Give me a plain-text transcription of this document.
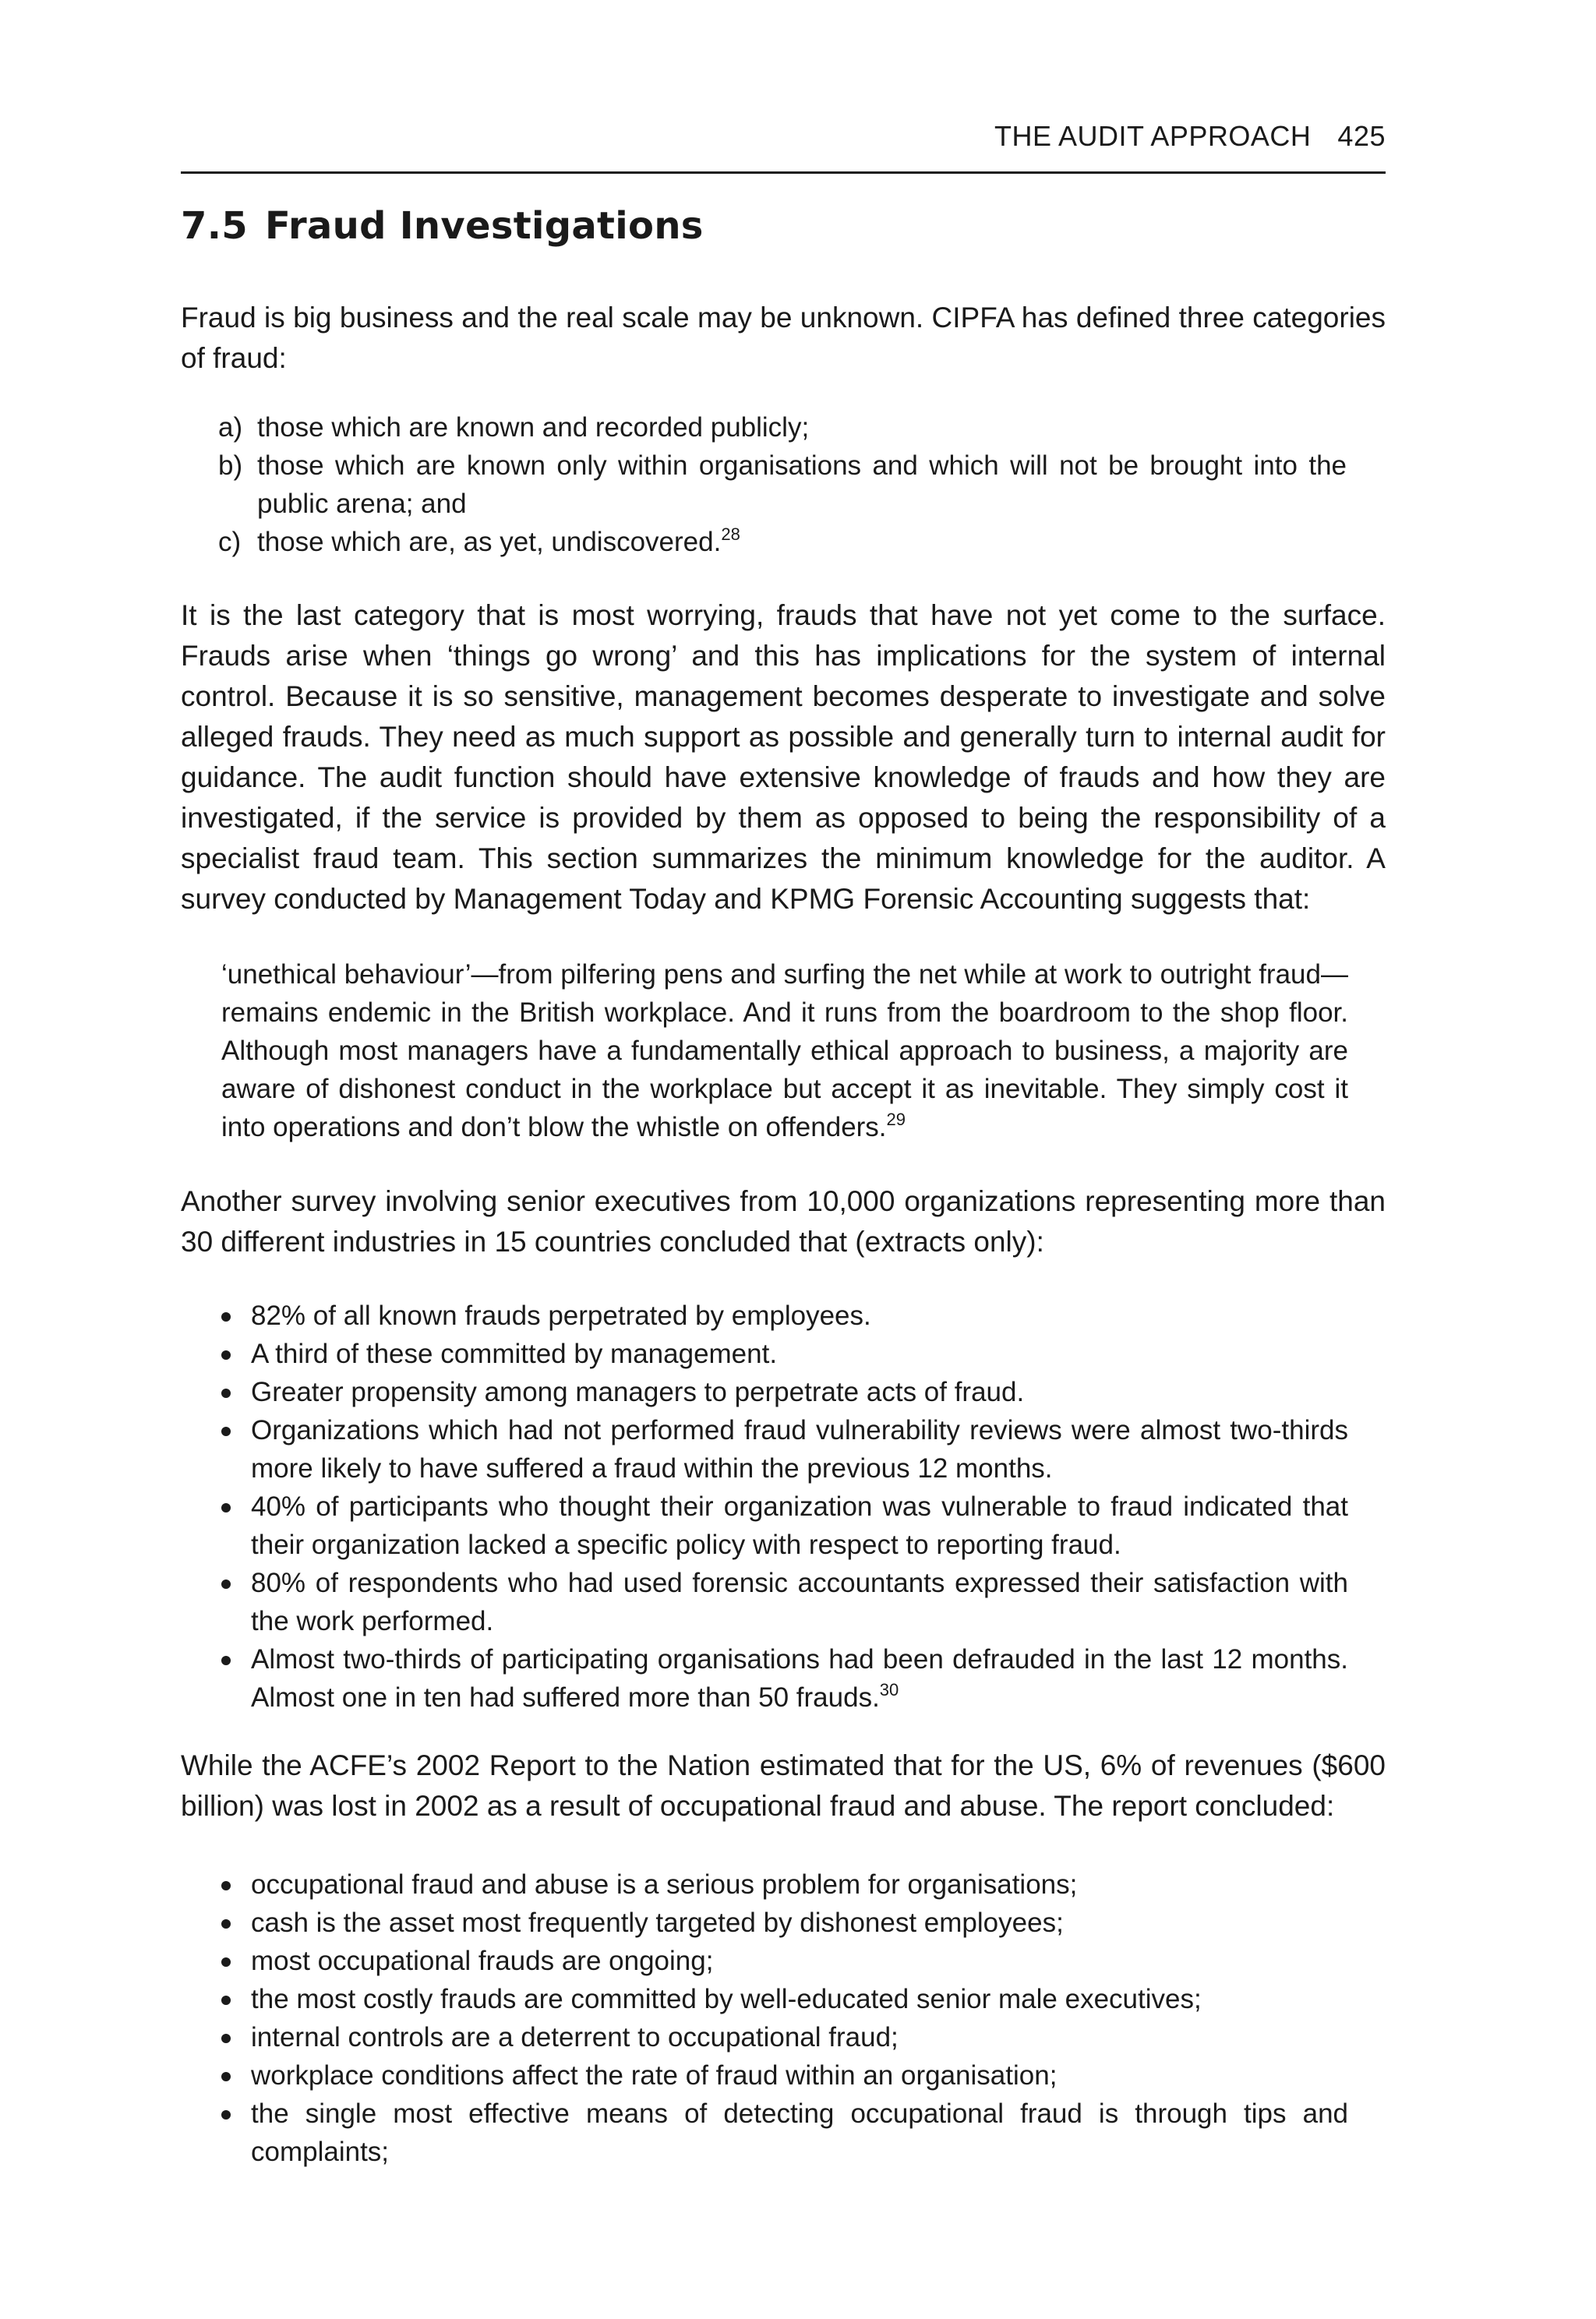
THE AUDIT APPROACH 425
7.5 Fraud Investigations

Fraud is big business and the real scale may be unknown. CIPFA has defined three categories of fraud:

a) those which are known and recorded publicly;
b) those which are known only within organisations and which will not be brought into the public arena; and
c) those which are, as yet, undiscovered.$^{28}$

It is the last category that is most worrying, frauds that have not yet come to the surface. Frauds arise when ‘things go wrong’ and this has implications for the system of internal control. Because it is so sensitive, management becomes desperate to investigate and solve alleged frauds. They need as much support as possible and generally turn to internal audit for guidance. The audit function should have extensive knowledge of frauds and how they are investigated, if the service is provided by them as opposed to being the responsibility of a specialist fraud team. This section summarizes the minimum knowledge for the auditor. A survey conducted by Management Today and KPMG Forensic Accounting suggests that:

‘unethical behaviour’—from pilfering pens and surfing the net while at work to outright fraud—remains endemic in the British workplace. And it runs from the boardroom to the shop floor. Although most managers have a fundamentally ethical approach to business, a majority are aware of dishonest conduct in the workplace but accept it as inevitable. They simply cost it into operations and don’t blow the whistle on offenders.$^{29}$

Another survey involving senior executives from 10,000 organizations representing more than 30 different industries in 15 countries concluded that (extracts only):

82% of all known frauds perpetrated by employees.
A third of these committed by management.
Greater propensity among managers to perpetrate acts of fraud.
Organizations which had not performed fraud vulnerability reviews were almost two-thirds more likely to have suffered a fraud within the previous 12 months.
40% of participants who thought their organization was vulnerable to fraud indicated that their organization lacked a specific policy with respect to reporting fraud.
80% of respondents who had used forensic accountants expressed their satisfaction with the work performed.
Almost two-thirds of participating organisations had been defrauded in the last 12 months. Almost one in ten had suffered more than 50 frauds.$^{30}$

While the ACFE’s 2002 Report to the Nation estimated that for the US, 6% of revenues ($600 billion) was lost in 2002 as a result of occupational fraud and abuse. The report concluded:

occupational fraud and abuse is a serious problem for organisations;
cash is the asset most frequently targeted by dishonest employees;
most occupational frauds are ongoing;
the most costly frauds are committed by well-educated senior male executives;
internal controls are a deterrent to occupational fraud;
workplace conditions affect the rate of fraud within an organisation;
the single most effective means of detecting occupational fraud is through tips and complaints;
